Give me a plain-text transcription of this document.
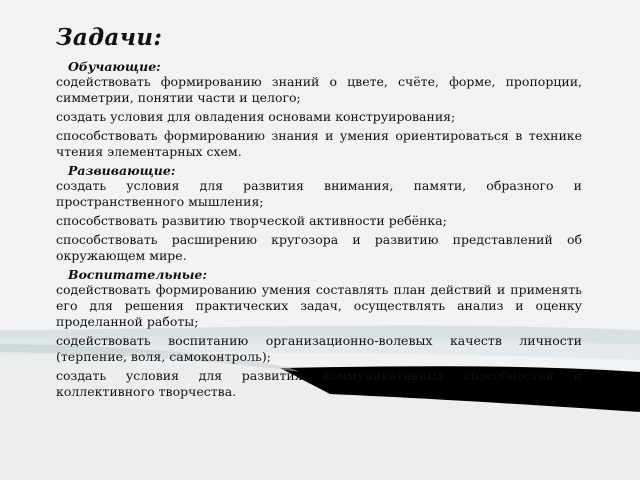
Задачи:
Обучающие:
содействовать формированию знаний о цвете, счёте, форме, пропорции, симметрии, понятии части и целого;
создать условия для овладения основами конструирования;
способствовать формированию знания и умения ориентироваться в технике чтения элементарных схем.
Развивающие:
создать условия для развития внимания, памяти, образного и пространственного мышления;
способствовать развитию творческой активности ребёнка;
способствовать расширению кругозора и развитию представлений об окружающем мире.
Воспитательные:
содействовать формированию умения составлять план действий и применять его для решения практических задач, осуществлять анализ и оценку проделанной работы;
содействовать воспитанию организационно-волевых качеств личности (терпение, воля, самоконтроль);
создать условия для развития коммуникативных способностей и коллективного творчества.
